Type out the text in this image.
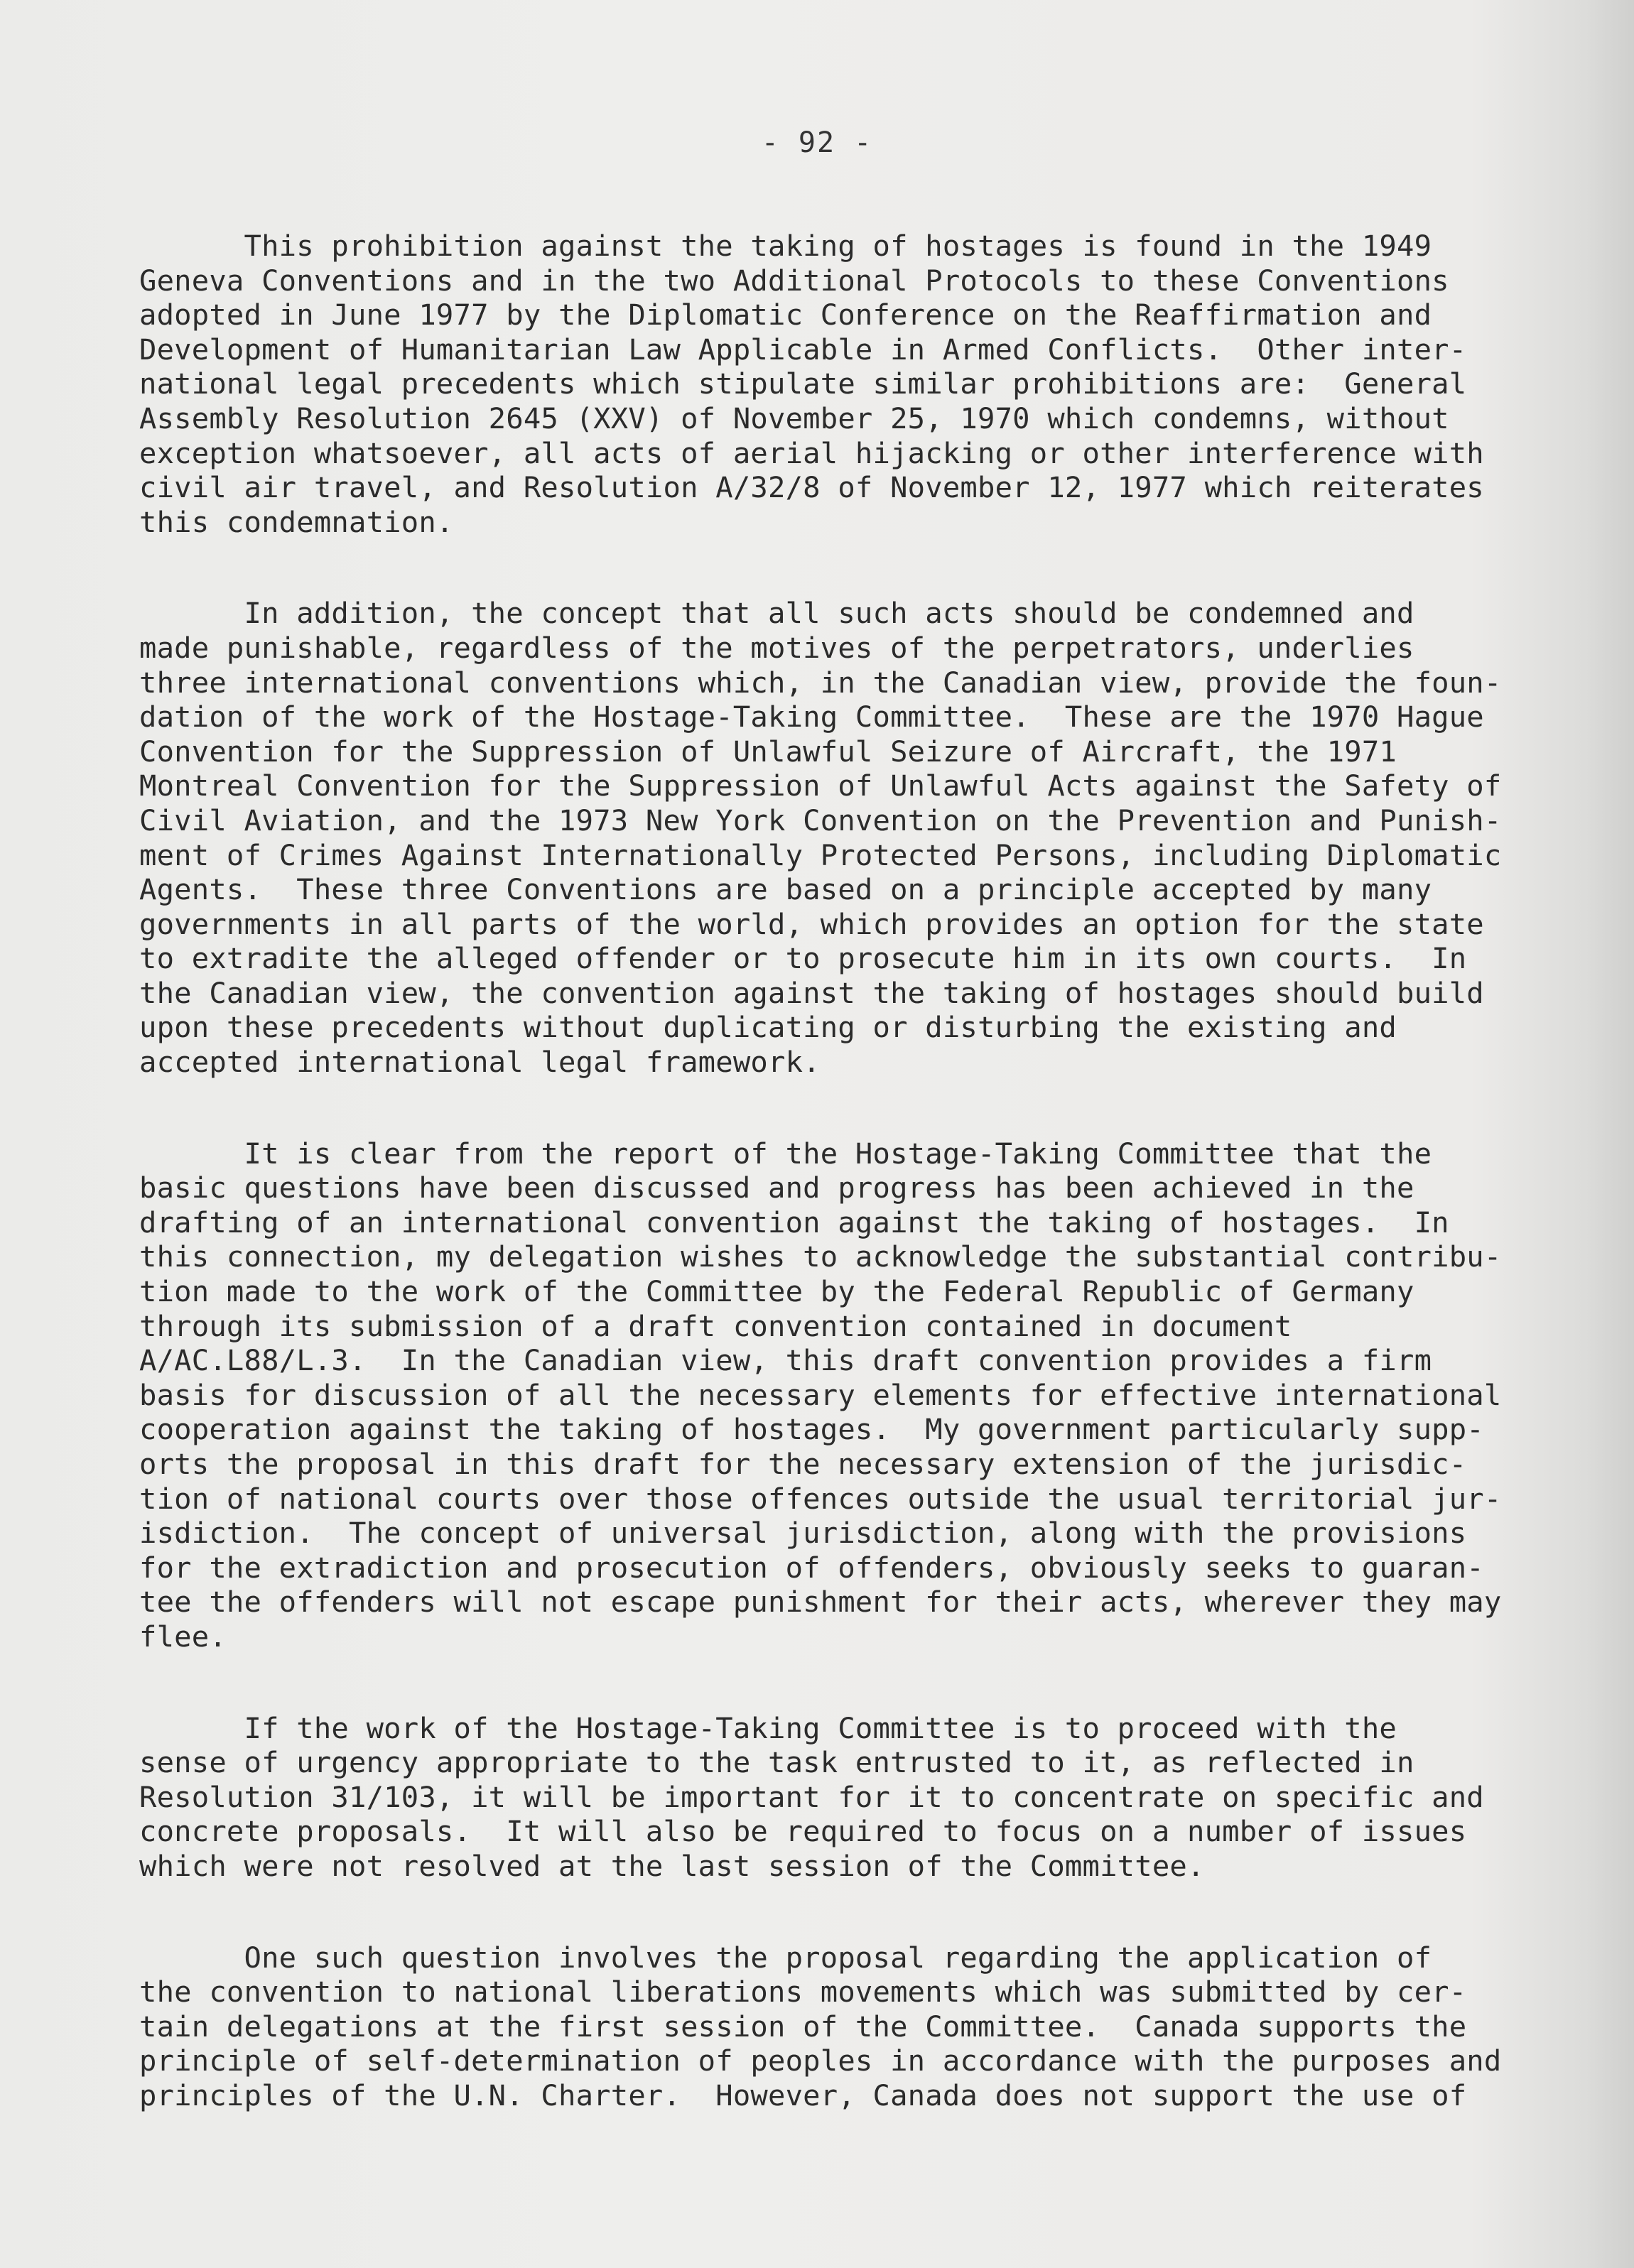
- 92 -
This prohibition against the taking of hostages is found in the 1949
Geneva Conventions and in the two Additional Protocols to these Conventions
adopted in June 1977 by the Diplomatic Conference on the Reaffirmation and
Development of Humanitarian Law Applicable in Armed Conflicts.  Other inter-
national legal precedents which stipulate similar prohibitions are:  General
Assembly Resolution 2645 (XXV) of November 25, 1970 which condemns, without
exception whatsoever, all acts of aerial hijacking or other interference with
civil air travel, and Resolution A/32/8 of November 12, 1977 which reiterates
this condemnation.
In addition, the concept that all such acts should be condemned and
made punishable, regardless of the motives of the perpetrators, underlies
three international conventions which, in the Canadian view, provide the foun-
dation of the work of the Hostage-Taking Committee.  These are the 1970 Hague
Convention for the Suppression of Unlawful Seizure of Aircraft, the 1971
Montreal Convention for the Suppression of Unlawful Acts against the Safety of
Civil Aviation, and the 1973 New York Convention on the Prevention and Punish-
ment of Crimes Against Internationally Protected Persons, including Diplomatic
Agents.  These three Conventions are based on a principle accepted by many
governments in all parts of the world, which provides an option for the state
to extradite the alleged offender or to prosecute him in its own courts.  In
the Canadian view, the convention against the taking of hostages should build
upon these precedents without duplicating or disturbing the existing and
accepted international legal framework.
It is clear from the report of the Hostage-Taking Committee that the
basic questions have been discussed and progress has been achieved in the
drafting of an international convention against the taking of hostages.  In
this connection, my delegation wishes to acknowledge the substantial contribu-
tion made to the work of the Committee by the Federal Republic of Germany
through its submission of a draft convention contained in document
A/AC.L88/L.3.  In the Canadian view, this draft convention provides a firm
basis for discussion of all the necessary elements for effective international
cooperation against the taking of hostages.  My government particularly supp-
orts the proposal in this draft for the necessary extension of the jurisdic-
tion of national courts over those offences outside the usual territorial jur-
isdiction.  The concept of universal jurisdiction, along with the provisions
for the extradiction and prosecution of offenders, obviously seeks to guaran-
tee the offenders will not escape punishment for their acts, wherever they may
flee.
If the work of the Hostage-Taking Committee is to proceed with the
sense of urgency appropriate to the task entrusted to it, as reflected in
Resolution 31/103, it will be important for it to concentrate on specific and
concrete proposals.  It will also be required to focus on a number of issues
which were not resolved at the last session of the Committee.
One such question involves the proposal regarding the application of
the convention to national liberations movements which was submitted by cer-
tain delegations at the first session of the Committee.  Canada supports the
principle of self-determination of peoples in accordance with the purposes and
principles of the U.N. Charter.  However, Canada does not support the use of
